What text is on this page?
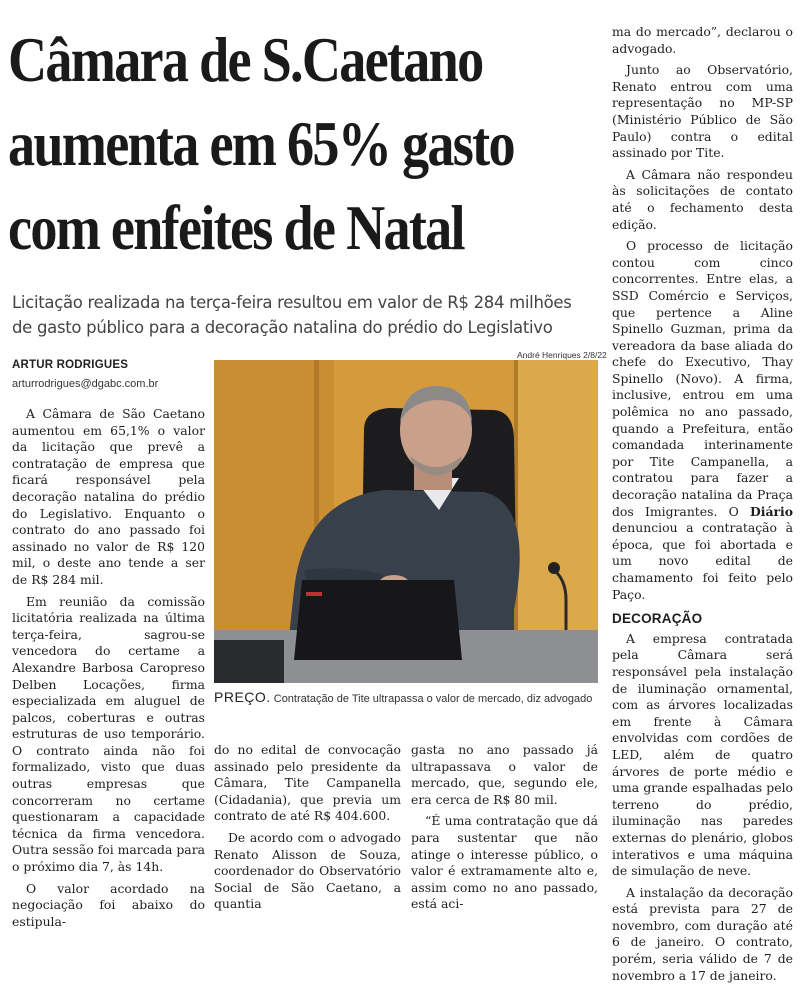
Câmara de S.Caetano
aumenta em 65% gasto
com enfeites de Natal
Licitação realizada na terça-feira resultou em valor de R$ 284 milhões
de gasto público para a decoração natalina do prédio do Legislativo
ARTUR RODRIGUES
arturrodrigues@dgabc.com.br

A Câmara de São Caetano aumentou em 65,1% o valor da licitação que prevê a contratação de empresa que ficará responsável pela decoração natalina do prédio do Legislativo. Enquanto o contrato do ano passado foi assinado no valor de R$ 120 mil, o deste ano tende a ser de R$ 284 mil.

Em reunião da comissão licitatória realizada na última terça-feira, sagrou-se vencedora do certame a Alexandre Barbosa Caropreso Delben Locações, firma especializada em aluguel de palcos, coberturas e outras estruturas de uso temporário. O contrato ainda não foi formalizado, visto que duas outras empresas que concorreram no certame questionaram a capacidade técnica da firma vencedora. Outra sessão foi marcada para o próximo dia 7, às 14h.

O valor acordado na negociação foi abaixo do estipula-

André Henriques 2/8/22
PREÇO. Contratação de Tite ultrapassa o valor de mercado, diz advogado

do no edital de convocação assinado pelo presidente da Câmara, Tite Campanella (Cidadania), que previa um contrato de até R$ 404.600.

De acordo com o advogado Renato Alisson de Souza, coordenador do Observatório Social de São Caetano, a quantia

gasta no ano passado já ultrapassava o valor de mercado, que, segundo ele, era cerca de R$ 80 mil.

“É uma contratação que dá para sustentar que não atinge o interesse público, o valor é extramamente alto e, assim como no ano passado, está aci-

ma do mercado”, declarou o advogado.

Junto ao Observatório, Renato entrou com uma representação no MP-SP (Ministério Público de São Paulo) contra o edital assinado por Tite.

A Câmara não respondeu às solicitações de contato até o fechamento desta edição.

O processo de licitação contou com cinco concorrentes. Entre elas, a SSD Comércio e Serviços, que pertence a Aline Spinello Guzman, prima da vereadora da base aliada do chefe do Executivo, Thay Spinello (Novo). A firma, inclusive, entrou em uma polêmica no ano passado, quando a Prefeitura, então comandada interinamente por Tite Campanella, a contratou para fazer a decoração natalina da Praça dos Imigrantes. O Diário denunciou a contratação à época, que foi abortada e um novo edital de chamamento foi feito pelo Paço.

DECORAÇÃO

A empresa contratada pela Câmara será responsável pela instalação de iluminação ornamental, com as árvores localizadas em frente à Câmara envolvidas com cordões de LED, além de quatro árvores de porte médio e uma grande espalhadas pelo terreno do prédio, iluminação nas paredes externas do plenário, globos interativos e uma máquina de simulação de neve.

A instalação da decoração está prevista para 27 de novembro, com duração até 6 de janeiro. O contrato, porém, seria válido de 7 de novembro a 17 de janeiro.
